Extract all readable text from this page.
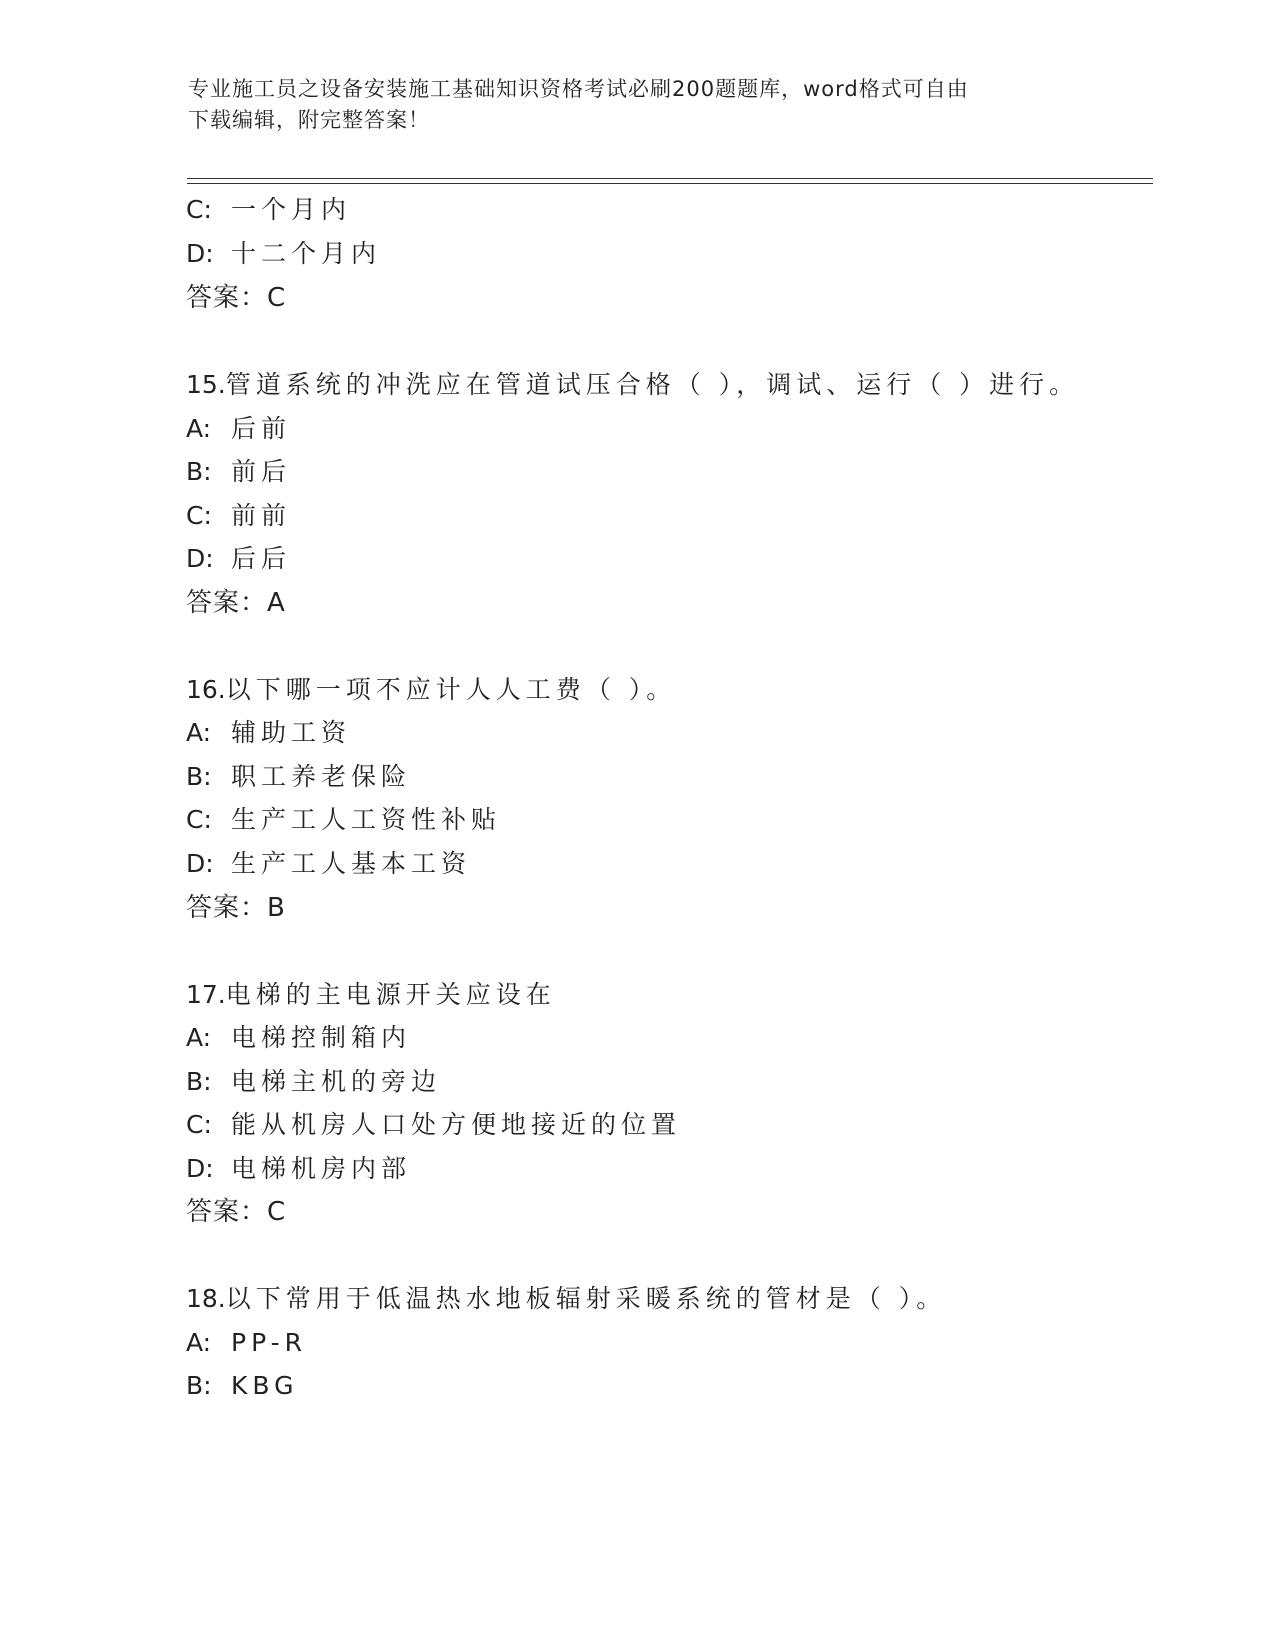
专业施工员之设备安装施工基础知识资格考试必刷200题题库，word格式可自由
下载编辑，附完整答案！
C: 一个月内
D: 十二个月内
答案：C
15.管道系统的冲洗应在管道试压合格（ ），调试、运行（ ）进行。
A: 后前
B: 前后
C: 前前
D: 后后
答案：A
16.以下哪一项不应计人人工费（ ）。
A: 辅助工资
B: 职工养老保险
C: 生产工人工资性补贴
D: 生产工人基本工资
答案：B
17.电梯的主电源开关应设在
A: 电梯控制箱内
B: 电梯主机的旁边
C: 能从机房人口处方便地接近的位置
D: 电梯机房内部
答案：C
18.以下常用于低温热水地板辐射采暖系统的管材是（ ）。
A: PP-R
B: KBG
